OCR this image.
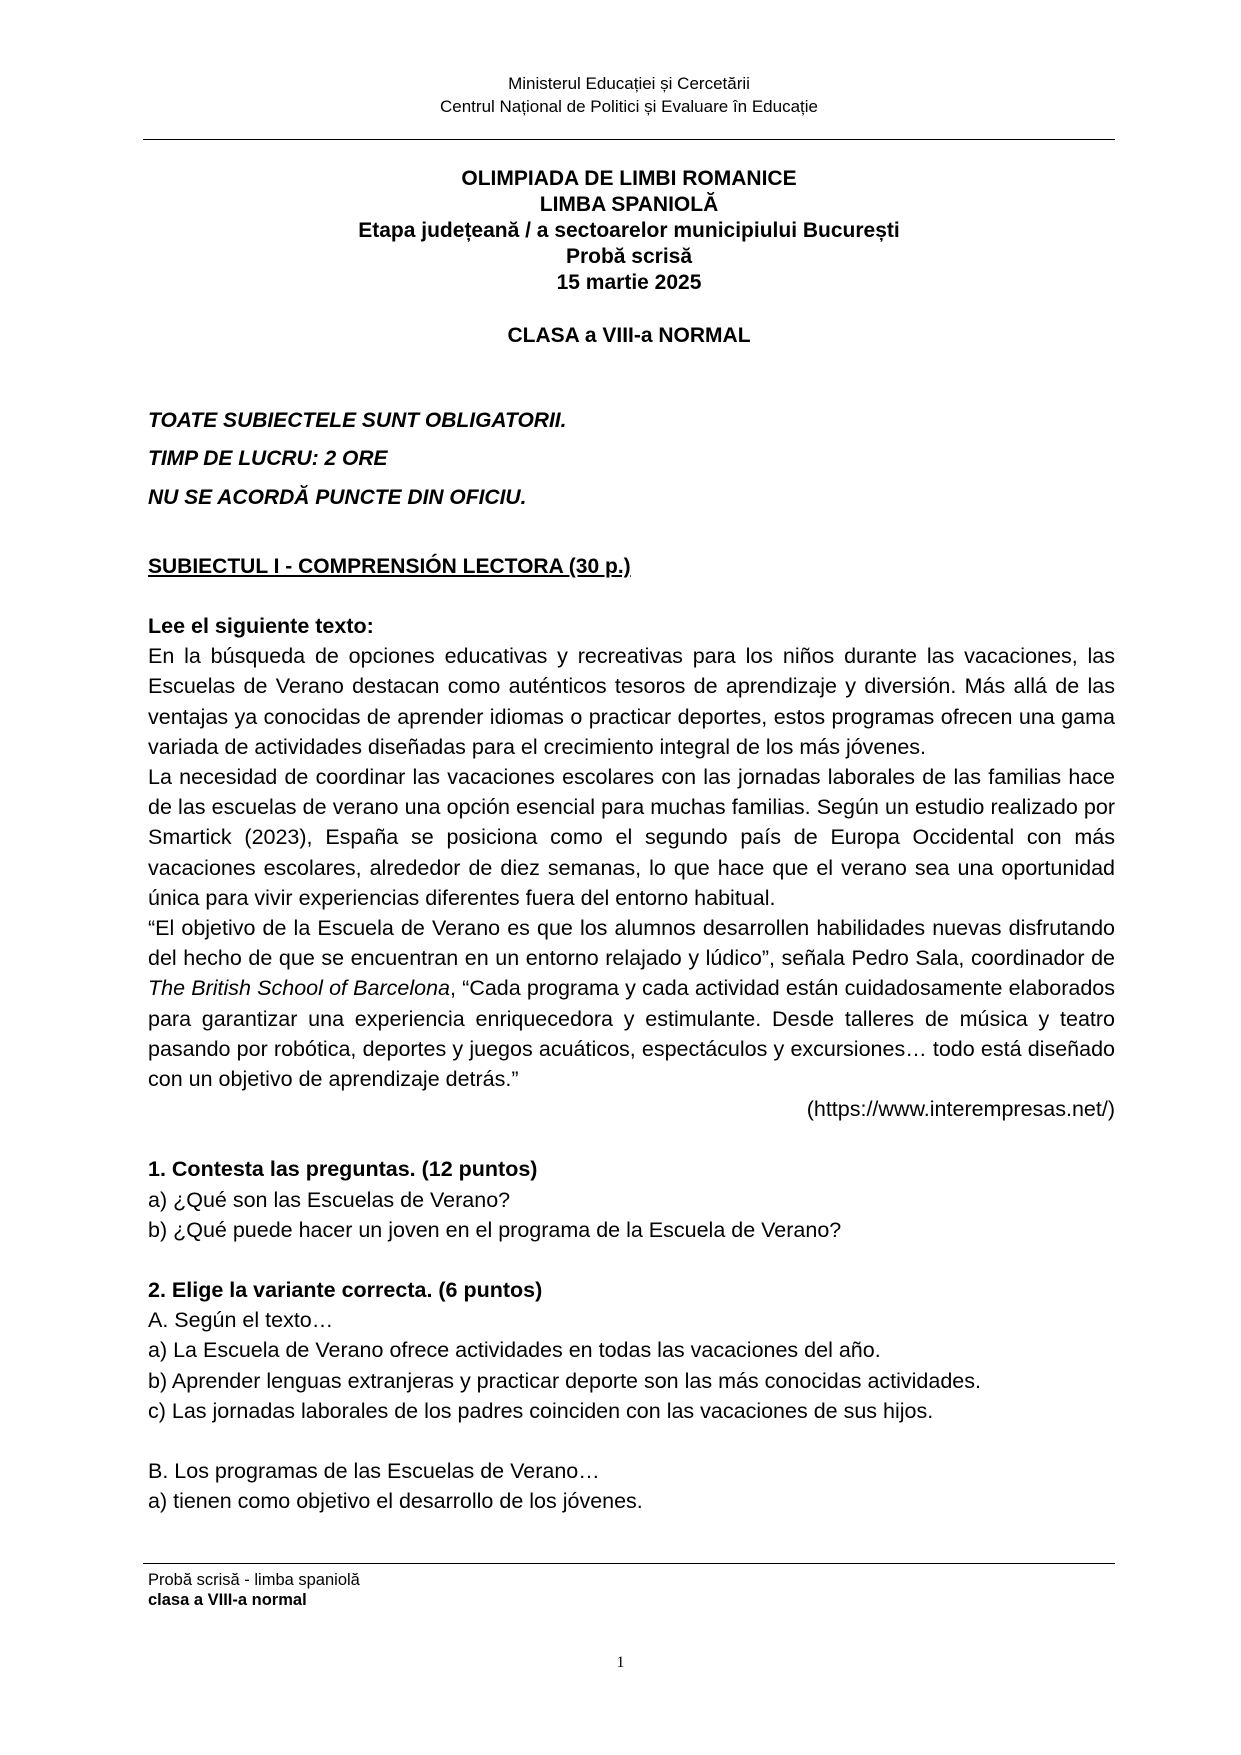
Ministerul Educației și Cercetării
Centrul Național de Politici și Evaluare în Educație
OLIMPIADA DE LIMBI ROMANICE
LIMBA SPANIOLĂ
Etapa județeană / a sectoarelor municipiului București
Probă scrisă
15 martie 2025
CLASA a VIII-a NORMAL
TOATE SUBIECTELE SUNT OBLIGATORII.
TIMP DE LUCRU: 2 ORE
NU SE ACORDĂ PUNCTE DIN OFICIU.
SUBIECTUL I - COMPRENSIÓN LECTORA (30 p.)

Lee el siguiente texto:

En la búsqueda de opciones educativas y recreativas para los niños durante las vacaciones, las Escuelas de Verano destacan como auténticos tesoros de aprendizaje y diversión. Más allá de las ventajas ya conocidas de aprender idiomas o practicar deportes, estos programas ofrecen una gama variada de actividades diseñadas para el crecimiento integral de los más jóvenes.

La necesidad de coordinar las vacaciones escolares con las jornadas laborales de las familias hace de las escuelas de verano una opción esencial para muchas familias. Según un estudio realizado por Smartick (2023), España se posiciona como el segundo país de Europa Occidental con más vacaciones escolares, alrededor de diez semanas, lo que hace que el verano sea una oportunidad única para vivir experiencias diferentes fuera del entorno habitual.

“El objetivo de la Escuela de Verano es que los alumnos desarrollen habilidades nuevas disfrutando del hecho de que se encuentran en un entorno relajado y lúdico”, señala Pedro Sala, coordinador de The British School of Barcelona, “Cada programa y cada actividad están cuidadosamente elaborados para garantizar una experiencia enriquecedora y estimulante. Desde talleres de música y teatro pasando por robótica, deportes y juegos acuáticos, espectáculos y excursiones… todo está diseñado con un objetivo de aprendizaje detrás.”

(https://www.interempresas.net/)

1. Contesta las preguntas. (12 puntos)

a) ¿Qué son las Escuelas de Verano?

b) ¿Qué puede hacer un joven en el programa de la Escuela de Verano?

2. Elige la variante correcta. (6 puntos)

A. Según el texto…

a) La Escuela de Verano ofrece actividades en todas las vacaciones del año.

b) Aprender lenguas extranjeras y practicar deporte son las más conocidas actividades.

c) Las jornadas laborales de los padres coinciden con las vacaciones de sus hijos.

B. Los programas de las Escuelas de Verano…

a) tienen como objetivo el desarrollo de los jóvenes.

Probă scrisă - limba spaniolă
clasa a VIII-a normal
1
